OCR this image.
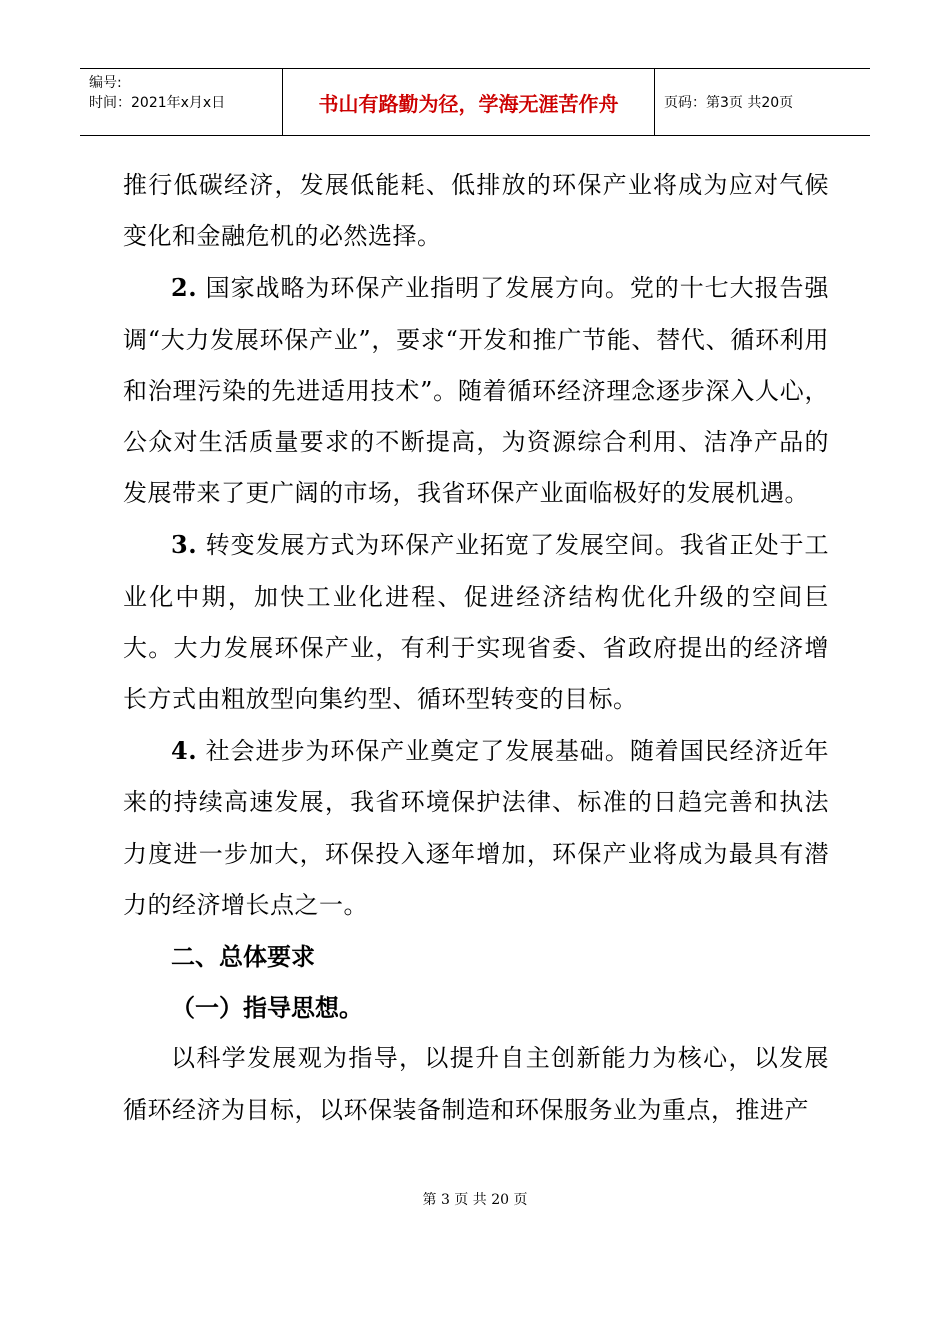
编号:
时间：2021年x月x日	书山有路勤为径，学海无涯苦作舟	页码：第3页 共20页

推行低碳经济，发展低能耗、低排放的环保产业将成为应对气候变化和金融危机的必然选择。

2. 国家战略为环保产业指明了发展方向。党的十七大报告强调“大力发展环保产业”，要求“开发和推广节能、替代、循环利用和治理污染的先进适用技术”。随着循环经济理念逐步深入人心，公众对生活质量要求的不断提高，为资源综合利用、洁净产品的发展带来了更广阔的市场，我省环保产业面临极好的发展机遇。

3. 转变发展方式为环保产业拓宽了发展空间。我省正处于工业化中期，加快工业化进程、促进经济结构优化升级的空间巨大。大力发展环保产业，有利于实现省委、省政府提出的经济增长方式由粗放型向集约型、循环型转变的目标。

4. 社会进步为环保产业奠定了发展基础。随着国民经济近年来的持续高速发展，我省环境保护法律、标准的日趋完善和执法力度进一步加大，环保投入逐年增加，环保产业将成为最具有潜力的经济增长点之一。

二、总体要求

（一）指导思想。

以科学发展观为指导，以提升自主创新能力为核心，以发展循环经济为目标，以环保装备制造和环保服务业为重点，推进产

第 3 页 共 20 页
